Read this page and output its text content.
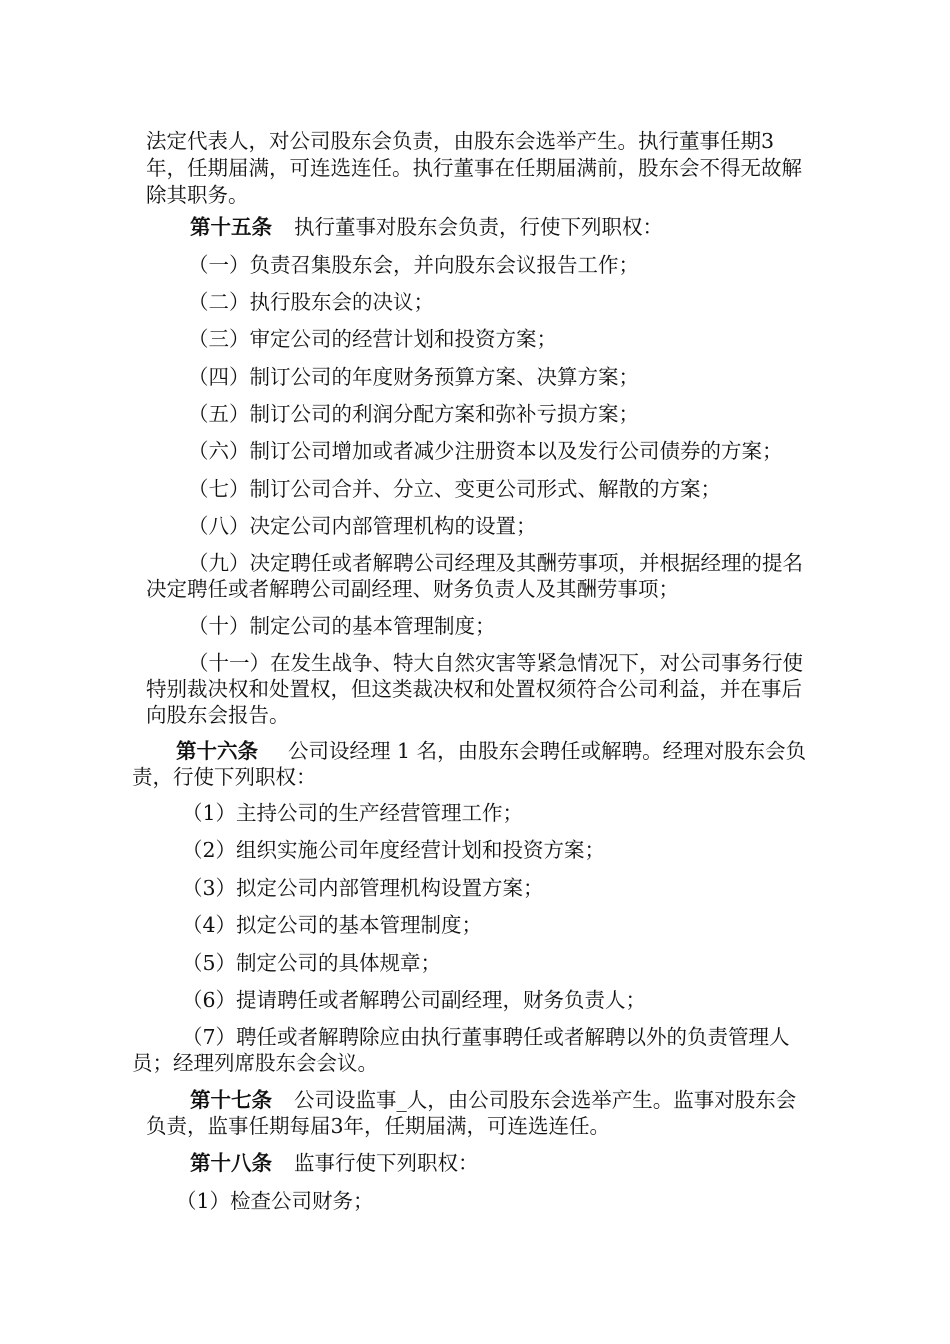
法定代表人，对公司股东会负责，由股东会选举产生。执行董事任期3年，任期届满，可连选连任。执行董事在任期届满前，股东会不得无故解除其职务。

第十五条 执行董事对股东会负责，行使下列职权：

（一）负责召集股东会，并向股东会议报告工作；

（二）执行股东会的决议；

（三）审定公司的经营计划和投资方案；

（四）制订公司的年度财务预算方案、决算方案；

（五）制订公司的利润分配方案和弥补亏损方案；

（六）制订公司增加或者减少注册资本以及发行公司债券的方案；

（七）制订公司合并、分立、变更公司形式、解散的方案；

（八）决定公司内部管理机构的设置；

（九）决定聘任或者解聘公司经理及其酬劳事项，并根据经理的提名决定聘任或者解聘公司副经理、财务负责人及其酬劳事项；

（十）制定公司的基本管理制度；

（十一）在发生战争、特大自然灾害等紧急情况下，对公司事务行使特别裁决权和处置权，但这类裁决权和处置权须符合公司利益，并在事后向股东会报告。

第十六条 公司设经理 1 名，由股东会聘任或解聘。经理对股东会负责，行使下列职权：

（1）主持公司的生产经营管理工作；

（2）组织实施公司年度经营计划和投资方案；

（3）拟定公司内部管理机构设置方案；

（4）拟定公司的基本管理制度；

（5）制定公司的具体规章；

（6）提请聘任或者解聘公司副经理，财务负责人；

（7）聘任或者解聘除应由执行董事聘任或者解聘以外的负责管理人员；经理列席股东会会议。

第十七条 公司设监事_人，由公司股东会选举产生。监事对股东会负责，监事任期每届3年，任期届满，可连选连任。

第十八条 监事行使下列职权：

（1）检查公司财务；
